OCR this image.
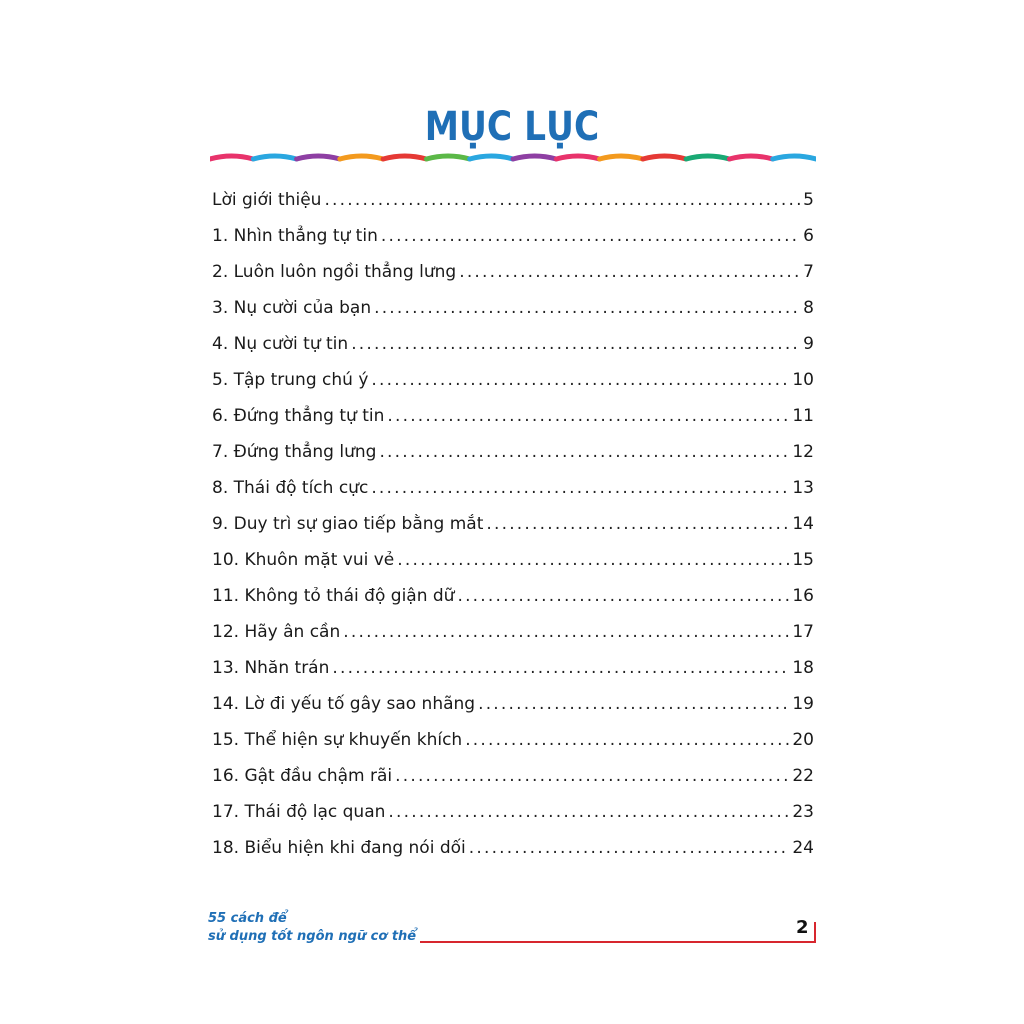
MỤC LỤC
Lời giới thiệu . . .	5
1. Nhìn thẳng tự tin . . .	6
2. Luôn luôn ngồi thẳng lưng . . .	7
3. Nụ cười của bạn . . .	8
4. Nụ cười tự tin . . .	9
5. Tập trung chú ý . . .	10
6. Đứng thẳng tự tin . . .	11
7. Đứng thẳng lưng . . .	12
8. Thái độ tích cực . . .	13
9. Duy trì sự giao tiếp bằng mắt . . .	14
10. Khuôn mặt vui vẻ . . .	15
11. Không tỏ thái độ giận dữ . . .	16
12. Hãy ân cần . . .	17
13. Nhăn trán . . .	18
14. Lờ đi yếu tố gây sao nhãng . . .	19
15. Thể hiện sự khuyến khích . . .	20
16. Gật đầu chậm rãi . . .	22
17. Thái độ lạc quan . . .	23
18. Biểu hiện khi đang nói dối . . .	24
55 cách để
sử dụng tốt ngôn ngữ cơ thể	2
